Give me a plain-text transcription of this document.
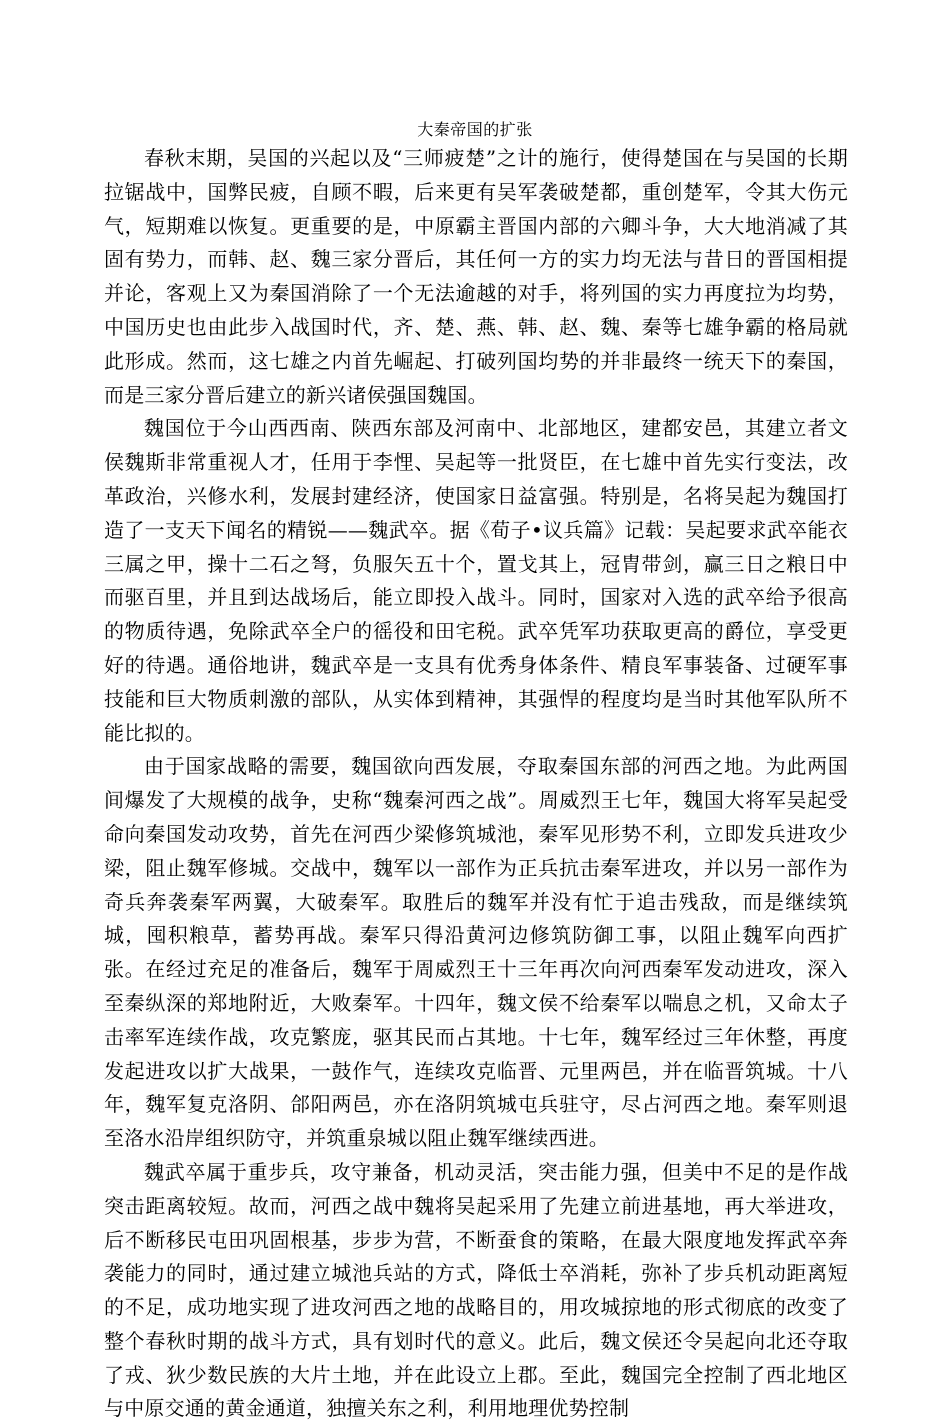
大秦帝国的扩张

春秋末期，吴国的兴起以及“三师疲楚”之计的施行，使得楚国在与吴国的长期拉锯战中，国弊民疲，自顾不暇，后来更有吴军袭破楚都，重创楚军，令其大伤元气，短期难以恢复。更重要的是，中原霸主晋国内部的六卿斗争，大大地消减了其固有势力，而韩、赵、魏三家分晋后，其任何一方的实力均无法与昔日的晋国相提并论，客观上又为秦国消除了一个无法逾越的对手，将列国的实力再度拉为均势，中国历史也由此步入战国时代，齐、楚、燕、韩、赵、魏、秦等七雄争霸的格局就此形成。然而，这七雄之内首先崛起、打破列国均势的并非最终一统天下的秦国，而是三家分晋后建立的新兴诸侯强国魏国。

魏国位于今山西西南、陕西东部及河南中、北部地区，建都安邑，其建立者文侯魏斯非常重视人才，任用于李悝、吴起等一批贤臣，在七雄中首先实行变法，改革政治，兴修水利，发展封建经济，使国家日益富强。特别是，名将吴起为魏国打造了一支天下闻名的精锐——魏武卒。据《荀子•议兵篇》记载：吴起要求武卒能衣三属之甲，操十二石之弩，负服矢五十个，置戈其上，冠胄带剑，赢三日之粮日中而驱百里，并且到达战场后，能立即投入战斗。同时，国家对入选的武卒给予很高的物质待遇，免除武卒全户的徭役和田宅税。武卒凭军功获取更高的爵位，享受更好的待遇。通俗地讲，魏武卒是一支具有优秀身体条件、精良军事装备、过硬军事技能和巨大物质刺激的部队，从实体到精神，其强悍的程度均是当时其他军队所不能比拟的。

由于国家战略的需要，魏国欲向西发展，夺取秦国东部的河西之地。为此两国间爆发了大规模的战争，史称“魏秦河西之战”。周威烈王七年，魏国大将军吴起受命向秦国发动攻势，首先在河西少梁修筑城池，秦军见形势不利，立即发兵进攻少梁，阻止魏军修城。交战中，魏军以一部作为正兵抗击秦军进攻，并以另一部作为奇兵奔袭秦军两翼，大破秦军。取胜后的魏军并没有忙于追击残敌，而是继续筑城，囤积粮草，蓄势再战。秦军只得沿黄河边修筑防御工事，以阻止魏军向西扩张。在经过充足的准备后，魏军于周威烈王十三年再次向河西秦军发动进攻，深入至秦纵深的郑地附近，大败秦军。十四年，魏文侯不给秦军以喘息之机，又命太子击率军连续作战，攻克繁庞，驱其民而占其地。十七年，魏军经过三年休整，再度发起进攻以扩大战果，一鼓作气，连续攻克临晋、元里两邑，并在临晋筑城。十八年，魏军复克洛阴、郃阳两邑，亦在洛阴筑城屯兵驻守，尽占河西之地。秦军则退至洛水沿岸组织防守，并筑重泉城以阻止魏军继续西进。

魏武卒属于重步兵，攻守兼备，机动灵活，突击能力强，但美中不足的是作战突击距离较短。故而，河西之战中魏将吴起采用了先建立前进基地，再大举进攻，后不断移民屯田巩固根基，步步为营，不断蚕食的策略，在最大限度地发挥武卒奔袭能力的同时，通过建立城池兵站的方式，降低士卒消耗，弥补了步兵机动距离短的不足，成功地实现了进攻河西之地的战略目的，用攻城掠地的形式彻底的改变了整个春秋时期的战斗方式，具有划时代的意义。此后，魏文侯还令吴起向北还夺取了戎、狄少数民族的大片土地，并在此设立上郡。至此，魏国完全控制了西北地区与中原交通的黄金通道，独擅关东之利，利用地理优势控制
